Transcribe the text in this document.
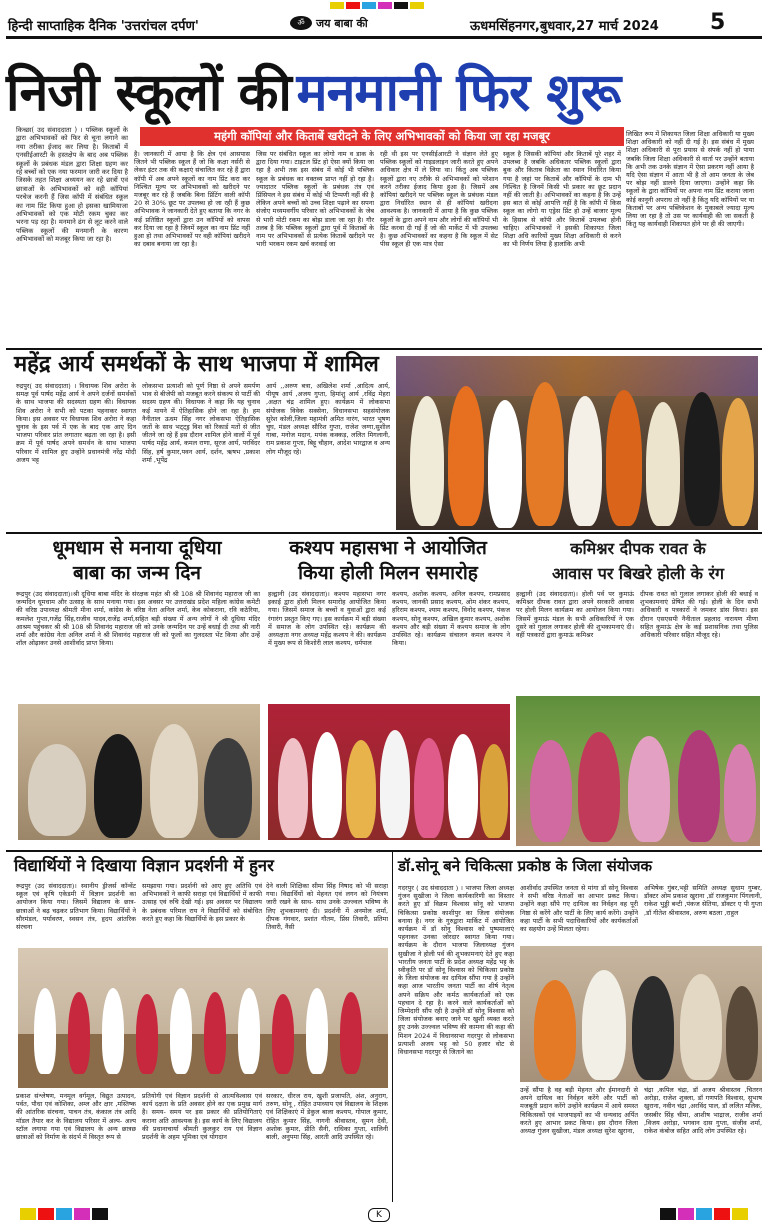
हिन्दी साप्ताहिक दैनिक 'उत्तरांचल दर्पण'	ॐ	जय बाबा की	ऊधमसिंहनगर,बुधवार,27 मार्च 2024 5
निजी स्कूलों की मनमानी फिर शुरू
किच्छा( उद संवाददाता ) । पब्लिक स्कूलों के द्वारा अभिभावकों को फिर से चूना लगाने का नया तरीका ईजाद कर लिया है। किताबों में एनसीईआरटी के हस्तक्षेप के बाद अब पब्लिक स्कूलों के प्रबंधक मंडल द्वारा शिक्षा ग्रहण कर रहे बच्चों को एक नया फरमान जारी कर दिया है जिसके तहत शिक्षा अध्ययन कर रहे छात्रों एवं छात्राओं के अभिभावकों को वही कॉपियां परचेज करनी हैं जिस कॉपी में संबंधित स्कूल का नाम प्रिंट किया हुआ हो इसका खामियाजा अभिभावकों को एक मोटी रकम चुका कर भरना पड़ रहा है। मनमाने ढंग से लूट करने वाले पब्लिक स्कूलों की मनमानी के कारण अभिभावकों को मजबूर किया जा रहा है।
महंगी कॉपियां और किताबें खरीदने के लिए अभिभावकों को किया जा रहा मजबूर
है। जानकारी में आया है कि क्षेत्र एवं आसपास जितने भी पब्लिक स्कूल हैं जो कि कक्षा नर्सरी से लेकर इंटर तक की कक्षाएं संचालित कर रहे हैं द्वारा कॉपी में अब अपने स्कूलों का नाम प्रिंट करा कर निश्चित मूल्य पर अभिभावकों को खरीदने पर मजबूर कर रहे हैं जबकि बिना प्रिंटिंग वाली कॉपी 20 से 30% छूट पर उपलब्ध हो जा रही हैं कुछ अभिभावक ने जानकारी देते हुए बताया कि नगर के कई प्रतिष्ठित स्कूलों द्वारा उन कॉपियों को वापस कर दिया जा रहा है जिनमें स्कूल का नाम प्रिंट नहीं हुआ हो तथा अभिभावकों पर वही कॉपियां खरीदने का दबाव बनाया जा रहा है।
जिस पर संबंधित स्कूल का लोगो नाम व डाक के द्वारा दिया गया। टाइटल प्रिंट हो ऐसा क्यों किया जा रहा है अभी तक इस संबंध में कोई भी पब्लिक स्कूल के प्रबंधक का वक्तव्य प्राप्त नहीं हो रहा है। ज्यादातर पब्लिक स्कूलों के प्रबंधक तंत्र एवं प्रिंसिपल ने इस संबंध में कोई भी टिप्पणी नहीं की है लेकिन अपने बच्चों को उच्च शिक्षा पढ़ाने का सपना संजोए मध्यमवर्गीय परिवार को अभिभावकों के जेब से भारी मोटी रकम का बोझ डाला जा रहा है। गौर तलब है कि पब्लिक स्कूलों द्वारा पूर्व में किताबों के नाम पर अभिभावकों से प्रत्येक किताबें खरीदने पर भारी भरकम रकम खर्च करवाई जा
रही थी इस पर एनसीईआरटी ने संज्ञान लेते हुए पब्लिक स्कूलों को गाइडलाइन जारी करते हुए अपने अधिकार क्षेत्र में ले लिया था। किंतु अब पब्लिक स्कूलों द्वारा नए तरीके से अभिभावकों को परेशान करने तरीका ईजाद किया हुआ है। जिसमें अब कॉपियां खरीदने पर पब्लिक स्कूल के प्रबंधक मंडल द्वारा निर्धारित स्थान से ही कॉपियां खरीदना आवश्यक है। जानकारी में आया है कि कुछ पब्लिक स्कूलों के द्वारा अपने नाम और लोगों की कॉपियों भी प्रिंट करवा दी गई हैं जो की मार्केट में भी उपलब्ध है। कुछ अभिभावकों का कहना है कि स्कूल में सेट पीस स्कूल ही एक मात्र ऐसा
स्कूल है जिसकी कॉपियां और किताबें पूरे शहर में उपलब्ध है जबकि अधिकतर पब्लिक स्कूलों द्वारा बुक और किताब विक्रेता का स्थान निर्धारित किया गया है जहां पर किताबें और कॉपियों के दाम भी निश्चित है जिनमें किसी भी प्रकार का छूट प्रदान नहीं की जाती है। अभिभावकों का कहना है कि उन्हें इस बात से कोई आपत्ति नहीं है कि कॉपी में किस स्कूल का लोगो या एड्रेस प्रिंट हो उन्हें बाजार मूल्य के हिसाब से कॉपी और किताबें उपलब्ध होनी चाहिए। अभिभावकों ने इसकी शिकायत जिला शिक्षा अधि कारियों मुख्य शिक्षा अधिकारी से करने का भी निर्णय लिया है हालांकि अभी
लिखित रूप में शिकायत जिला शिक्षा अधिकारी या मुख्य शिक्षा अधिकारी को नहीं दी गई है। इस संबंध में मुख्य शिक्षा अधिकारी से पूरा प्रयास से संपर्क नहीं हो पाया जबकि जिला शिक्षा अधिकारी से वार्ता पर उन्होंने बताया कि अभी तक उनके संज्ञान में ऐसा प्रकरण नहीं आया है यदि ऐसा संज्ञान में आता भी है तो आम जनता के जेब पर बोझ नहीं डालने दिया जाएगा। उन्होंने कहा कि स्कूलों के द्वारा कॉपियों पर अपना नाम प्रिंट कराया जाना कोई कानूनी अपराध तो नहीं है किंतु यदि कॉपियों पर या किताबों पर अन्य पब्लिकेशन के मुकाबले ज्यादा मूल्य लिया जा रहा है तो उस पर कार्यवाही की जा सकती है किंतु यह कार्यवाही शिकायत होने पर ही की जाएगी।
महेंद्र आर्य समर्थकों के साथ भाजपा में शामिल
रुद्रपुर( उद संवाददाता) । विधायक शिव अरोरा के समक्ष पूर्व पार्षद महेंद्र आर्य ने अपने दर्जनों समर्थकों के साथ भाजपा की सदस्यता ग्रहण की। विधायक शिव अरोरा ने सभी को पटका पहनाकर स्वागत किया। इस अवसर पर विधायक शिव अरोरा ने कहा चुनाव के इस पर्व में एक के बाद एक आए दिन भाजपा परिवार प्रांत लगातार बढ़ता जा रहा है। इसी क्रम में पूर्व पार्षद अपने समर्थन के साथ भाजपा परिवार में शामिल हुए उन्होंने प्रधानमंत्री नरेंद्र मोदी अजय भट्ट
लोकसभा प्रत्याशी को पूर्ण निष्ठा से अपने समर्पण भाव से बीजेपी को मजबूत करने संकल्प से पार्टी की सदस्य ग्रहण की। विधायक ने कहा कि यह चुनाव कई मायने में ऐतिहासिक होने जा रहा है। हम नैनीताल ऊधम सिंह नगर लोकसभा ऐतिहासिक जतों के साथ भट्ट्ड्र विश को रिकार्ड मतों से जीत जीतने जा रहे हैं इस दौरान शामिल होने वालों में पूर्व पार्षद महेंद्र आर्य, कमल राणा, सूरज आर्य, परविंदर सिंह, हर्ष कुमार,पवन आर्य, दर्शन, ऋषभ ,प्रकाश शर्मा ,भूपेंद्र
आर्य ,,अरुण बत्रा, अखिलेश शर्मा ,आदित्य आर्य, पीयूष आर्य ,अजय गुप्ता, हिमांशु आर्य ,रविंद्र मेहरा ,अक्षत चंद्र शामिल हुए। कार्यक्रम में लोकसभा संयोजक विवेक सक्सेना, विधानसभा सहसंयोजक सुरेश कोली,जिला महामंत्री अमित नारंग, भारत भूषण चुघ, मंडल अध्यक्ष सौरिश गुप्ता, राजेश जग्गा,सुशील गाबा, मनोज मदान, मयंक कक्कड़, ललित मिगलानी, राम प्रकाश गुप्ता, बिट्टू चौहान, आदेश भारद्वाज व अन्य लोग मौजूद रहे।
धूमधाम से मनाया दूधिया
बाबा का जन्म दिन
रूद्रपुर (उद संवाददाता)।श्री दूधिया बाबा मंदिर के संरक्षक महंत श्री श्री 108 श्री शिवानंद महाराज जी का जन्मदिन धूमधाम और उत्साह के साथ मनाया गया। इस अवसर पर उत्तराखंड प्रदेश महिला कांग्रेस कमेटी की वरिष्ठ उपाध्यक्ष श्रीमती मीना शर्मा, कांग्रेस के वरिष्ठ नेता अनिल शर्मा, केव कोकराना, रवि कठेरिया, कमलेश गुप्ता,गजेंद्र सिंह,राजीव यादव,राजेंद्र शर्मा,सहित बड़ी संख्या में अन्य लोगों ने श्री दूधिया मंदिर आश्रम पहुंचकर श्री श्री 108 श्री शिवानंद महाराज जी को उनके जन्मदिन पर उन्हें बधाई दी तथा श्री नारी शर्मा और कांग्रेस नेता अनिल शर्मा ने श्री शिवानंद महाराज जी को फूलों का गुलदस्ता भेंट किया और उन्हें शॉल ओढ़ाकर उनसे आशीर्वाद प्राप्त किया।
कश्यप महासभा ने आयोजित
किया होली मिलन समारोह
हल्द्वानी (उद संवाददाता)। कश्यप महासभा नगर इकाई द्वारा होली मिलन समारोह आयोजित किया गया। जिसमें समाज के बच्चों व युवाओं द्वारा कई रंगारंग प्रस्तुत किए गए। इस कार्यक्रम में बड़ी संख्या में समाज के लोग उपस्थित रहे। कार्यक्रम की अध्यक्षता नगर अध्यक्ष महेंद्र कश्यप ने की। कार्यक्रम में मुख्य रूप से किशोरी लाल कश्यप, धर्मपाल
कश्यप, अशोक कश्यप, अनिल कश्यप, रामप्रसाद कश्यप, जानकी प्रसाद कश्यप, ओम शंकर कश्यप, हरिराम कश्यप, श्याम कश्यप, विनोद कश्यप, पंकज कश्यप, सोनू कश्यप, अखिल कुमार कश्यप, अशोक कश्यप और बड़ी संख्या में कश्यप समाज के लोग उपस्थित रहे। कार्यक्रम संचालन कमल कश्यप ने किया।
कमिश्नर दीपक रावत के
आवास पर बिखरे होली के रंग
हल्द्वानी (उद संवाददाता)। होली पर्व पर कुमाऊं कमिश्नर दीपक रावत द्वारा अपने सरकारी आवास पर होली मिलन कार्यक्रम का आयोजन किया गया। जिसमें कुमाऊं मंडल के सभी अधिकारियों ने एक दूसरे को गुलाल लगाकर होली की शुभकामनाएं दी। वहीं पत्रकारों द्वारा कुमाऊं कमिश्नर
दीपक रावत को गुलाल लगाकर होली की बधाई व शुभकामनाएं प्रेषित की गई। होली के दिन सभी अधिकारी व पत्रकारों ने जमकर डांस किया। इस दौरान एसएसपी नैनीताल प्रहलाद नारायण मीणा सहित कुमाऊं क्षेत्र के कई प्रशासनिक तथा पुलिस अधिकारी परिवार सहित मौजूद रहे।
विद्यार्थियों ने दिखाया विज्ञान प्रदर्शनी में हुनर
रूद्रपुर (उद संवाददाता)। स्थानीय ड्रीजर्स कॉन्वेंट स्कूल एवं कृषि एकेडमी में विज्ञान प्रदर्शनी का आयोजन किया गया। जिसमें विद्यालय के छात्र-छात्राओं ने बढ़ चढ़कर प्रतिभाग किया। विद्यार्थियों ने सौरमंडल, पर्यावरण, स्वसन तंत्र, हृदय आंतरिक संरचना
समझाया गया। प्रदर्शनी को आए हुए अतिथि एवं अभिभावकों ने काफी सराहा एवं विद्यार्थियों में काफी उत्साह एवं रुचि देखी गई। इस अवसर पर विद्यालय के प्रबंधक परिमल राय ने विद्यार्थियों को संबोधित करते हुए कहा कि विद्यार्थियों के इस प्रकार के
देने वाली शिक्षिका सीमा सिंह निषाद को भी सराहा गया। विद्यार्थियों को मेहनत एवं लगन को नियंत्रण जारी रखने के साथ- साथ उनके उज्ज्वल भविष्य के लिए शुभकामनाएं दी। प्रदर्शनी में अनमोल शर्मा, दीपक गंगवार, प्रशांत गौतम, प्रिंस तिवारी, प्रतिमा तिवारी, नैंसी
प्रकाश संश्लेषण, मनमूल वर्गमूल, विद्युत उत्पादन, पर्वत, पौधा एवं कोशिका, अम्ल और क्षार ,मस्तिष्क की आंतरिक संरचना, पाचन तंत्र, कंकाल तंत्र आदि मॉडल तैयार कर के विद्यालय परिसर में अल्प- अल्प स्टॉल लगाया गया एवं विद्यालय के अन्य छात्रछ छात्राओं को निर्माण के संदर्भ में विस्तृत रूप से
प्रतियोगी एवं विज्ञान प्रदर्शनी से आत्मविश्वास एवं कार्य दक्षता के प्रति अवसर होने का एक प्रमुख मार्ग है। समय- समय पर इस प्रकार की प्रतियोगिताएं कराना अति आवश्यक है। इस कार्य के लिए विद्यालय की प्रधानाचार्या श्रीमती कुलकुर राय एवं विज्ञान प्रदर्शनी के अहम भूमिका एवं योगदान
सरकार, धीरज राय, खुशी प्रजापति, अंश, अनुराग, तरुण, सोनू , रोहित उपाध्याय एवं विद्यालय के शिक्षक एवं शिक्षिकाएं में डेकुल बाला कश्यप, गोपाल कुमार, रोहित कुमार सिंह, नागनी श्रीवास्तव, सुमन देवी, अशोक कुमार, प्रीति सैनी, राधिका गुप्ता, शालिनी बाली, अनुपमा सिंह, आरती आदि उपस्थित रहे।
डॉ.सोनू बने चिकित्सा प्रकोष्ठ के जिला संयोजक
गदरपुर ( उद संवाददाता ) । भाजपा जिला अध्यक्ष गुंजन सुखीजा ने जिला कार्यकारिणी का विस्तार करते हुए डॉ विक्रम विश्वास सोनू को भाजपा चिकित्सा प्रकोष्ठ काशीपुर का जिला संयोजक बनाया है। नगर के गुरुद्वारा मार्किट में आयोजित कार्यक्रम में डॉ सोनू विश्वास को पुष्पमालाएं पहनाकर उनका जोरदार स्वागत किया गया। कार्यक्रम के दौरान भाजपा जिलाध्यक्ष गुंजन सुखीजा ने होली पर्व की शुभकामनाएं देते हुए कहा भारतीय जनता पार्टी के प्रदेश अध्यक्ष महेंद्र भट्ट के स्वीकृति पर डॉ सोनू विश्वास को चिकित्सा प्रकोष्ठ के जिला संयोजक का दायित्व सौंपा गया है उन्होंने कहा आज भारतीय जनता पार्टी का शीर्ष नेतृत्व अपने सक्रिय और कर्मठ कार्यकर्ताओं को एक पहचान दे रहा है। करने वाले कार्यकर्ताओं को जिम्मेदारी सौंप रही है उन्होंने डॉ सोनू विश्वास को जिला संयोजक बनाए जाने पर खुशी व्यक्त करते हुए उनके उज्ज्वल भविष्य की कामना की कहा की मिशन 2024 में विधानसभा गदरपुर से लोकसभा प्रत्याशी अजय भट्ट को 50 हजार वोट से विधानसभा गदरपुर से जिताने का
आशीर्वाद उपस्थित जनता से मांगा डॉ सोनू विश्वास ने सभी वरिष्ठ नेताओं का आभार प्रकट किया। उन्होंने कहा सौंपे गए दायित्व का निर्वहन वह पूरी निष्ठा से करेंगे और पार्टी के लिए कार्य करेंगे। उन्होंने कहा पार्टी के सभी पदाधिकारियों और कार्यकर्ताओं का सहयोग उन्हें मिलता रहेगा।
अभिषेक गुंबर,भट्टी समिति अध्यक्ष सुधाम गुम्बर, डॉक्टर ओम प्रकाश खुराना ,डॉ राजकुमार पिंगलानी, राकेश भुड्डी बन्टी ,पंकज सेतिया, डॉक्टर ए पी गुप्ता ,डॉ गीतेश श्रीवास्तव, अरुण बठला ,राहुल
उन्हें सौंपा है वह बड़ी मेहनत और ईमानदारी से अपने दायित्व का निर्वहन करेंगे और पार्टी को मजबूती प्रदान करेंगे उन्होंने कार्यक्रम में आये समस्त चिकित्सकों एवं भाजपाइयों का भी धन्यवाद अर्पित करते हुए आभार प्रकट किया। इस दौरान जिला अध्यक्ष गुंजन सुखीजा, मंडल अध्यक्ष सुरेश खुराना,
चंद्रा ,कपिल चंद्रा, डॉ अजय श्रीवास्तव ,चितरन अरोड़ा, राजेश शुक्ला, डॉ गणपति विश्वास, सुभाष खुराना, नवीन चंद्रा ,अरविंद पाल, डॉ ललित मलिक, जसबीर सिंह चीमा, आशीष भाद्राज, राजीव शर्मा ,विजय अरोड़ा, भगवान दास गुप्ता, संजीव शर्मा, राकेश कंबोज सहित आदि लोग उपस्थित रहे।
K
